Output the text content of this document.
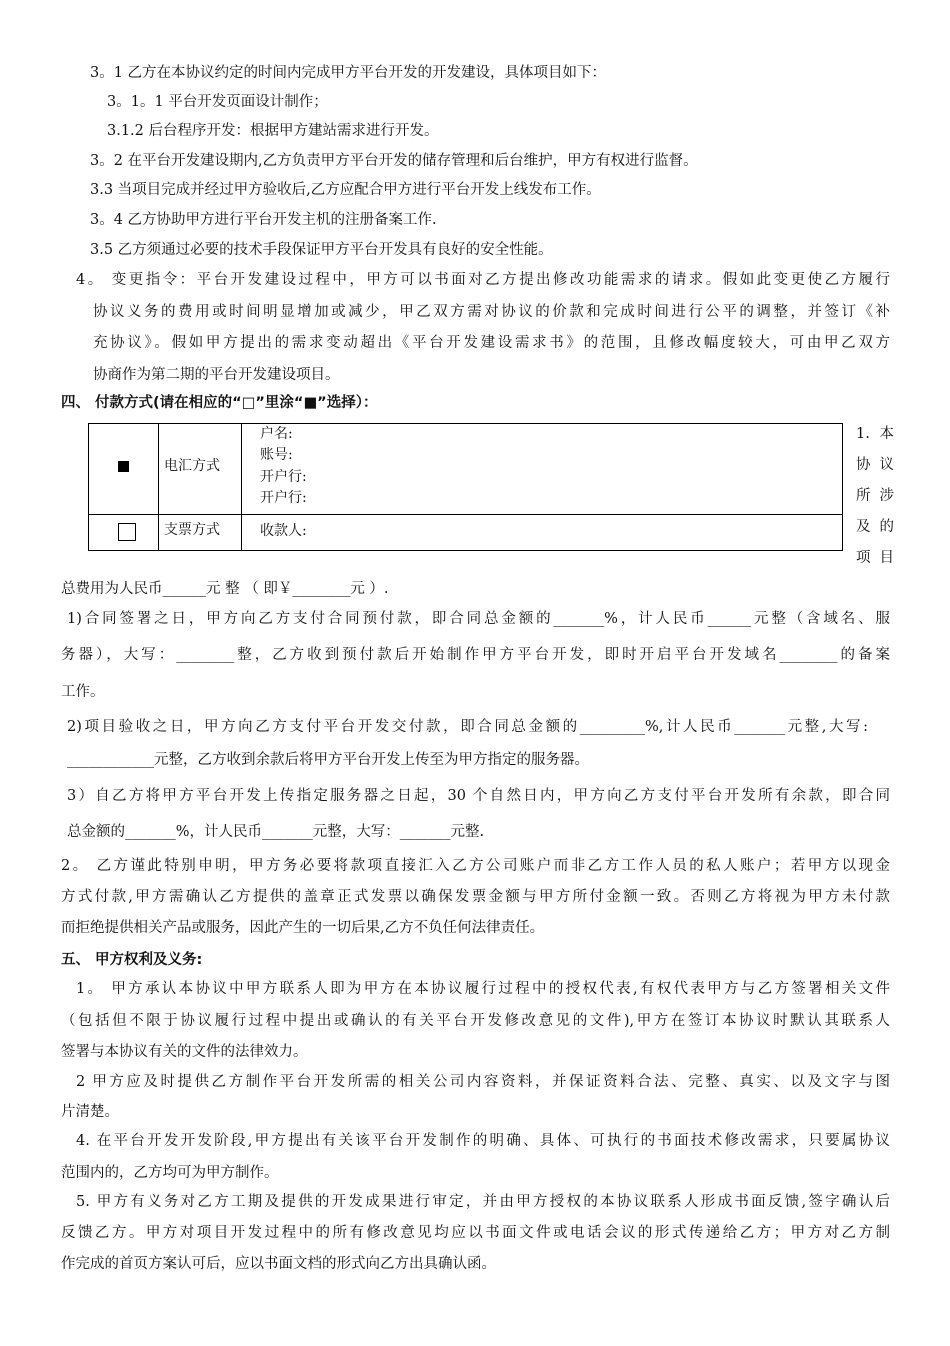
3。1 乙方在本协议约定的时间内完成甲方平台开发的开发建设，具体项目如下：
3。1。1 平台开发页面设计制作；
3.1.2 后台程序开发：根据甲方建站需求进行开发。
3。2 在平台开发建设期内,乙方负责甲方平台开发的储存管理和后台维护，甲方有权进行监督。
3.3 当项目完成并经过甲方验收后,乙方应配合甲方进行平台开发上线发布工作。
3。4 乙方协助甲方进行平台开发主机的注册备案工作.
3.5 乙方须通过必要的技术手段保证甲方平台开发具有良好的安全性能。
4。 变更指令：平台开发建设过程中，甲方可以书面对乙方提出修改功能需求的请求。假如此变更使乙方履行
协议义务的费用或时间明显增加或减少，甲乙双方需对协议的价款和完成时间进行公平的调整，并签订《补
充协议》。假如甲方提出的需求变动超出《平台开发建设需求书》的范围，且修改幅度较大，可由甲乙双方
协商作为第二期的平台开发建设项目。
四、 付款方式(请在相应的“□”里涂“■”选择）：
电汇方式
户名:
账号:
开户行:
开户行:
支票方式	收款人:
1. 本
协 议
所 涉
及 的
项 目
总费用为人民币______元 整 （ 即￥________元 ）.
1)合同签署之日，甲方向乙方支付合同预付款，即合同总金额的_______%，计人民币______元整（含域名、服
务器），大写：________整，乙方收到预付款后开始制作甲方平台开发，即时开启平台开发域名________的备案
工作。
2)项目验收之日，甲方向乙方支付平台开发交付款，即合同总金额的_________%,计人民币_______元整,大写:
____________元整，乙方收到余款后将甲方平台开发上传至为甲方指定的服务器。
3）自乙方将甲方平台开发上传指定服务器之日起，30 个自然日内，甲方向乙方支付平台开发所有余款，即合同
总金额的_______%，计人民币_______元整，大写：_______元整.
2。 乙方谨此特别申明，甲方务必要将款项直接汇入乙方公司账户而非乙方工作人员的私人账户；若甲方以现金
方式付款,甲方需确认乙方提供的盖章正式发票以确保发票金额与甲方所付金额一致。否则乙方将视为甲方未付款
而拒绝提供相关产品或服务，因此产生的一切后果,乙方不负任何法律责任。
五、 甲方权利及义务:
1。 甲方承认本协议中甲方联系人即为甲方在本协议履行过程中的授权代表,有权代表甲方与乙方签署相关文件
（包括但不限于协议履行过程中提出或确认的有关平台开发修改意见的文件),甲方在签订本协议时默认其联系人
签署与本协议有关的文件的法律效力。
2 甲方应及时提供乙方制作平台开发所需的相关公司内容资料，并保证资料合法、完整、真实、以及文字与图
片清楚。
4. 在平台开发开发阶段,甲方提出有关该平台开发制作的明确、具体、可执行的书面技术修改需求，只要属协议
范围内的，乙方均可为甲方制作。
5. 甲方有义务对乙方工期及提供的开发成果进行审定，并由甲方授权的本协议联系人形成书面反馈,签字确认后
反馈乙方。甲方对项目开发过程中的所有修改意见均应以书面文件或电话会议的形式传递给乙方；甲方对乙方制
作完成的首页方案认可后，应以书面文档的形式向乙方出具确认函。
